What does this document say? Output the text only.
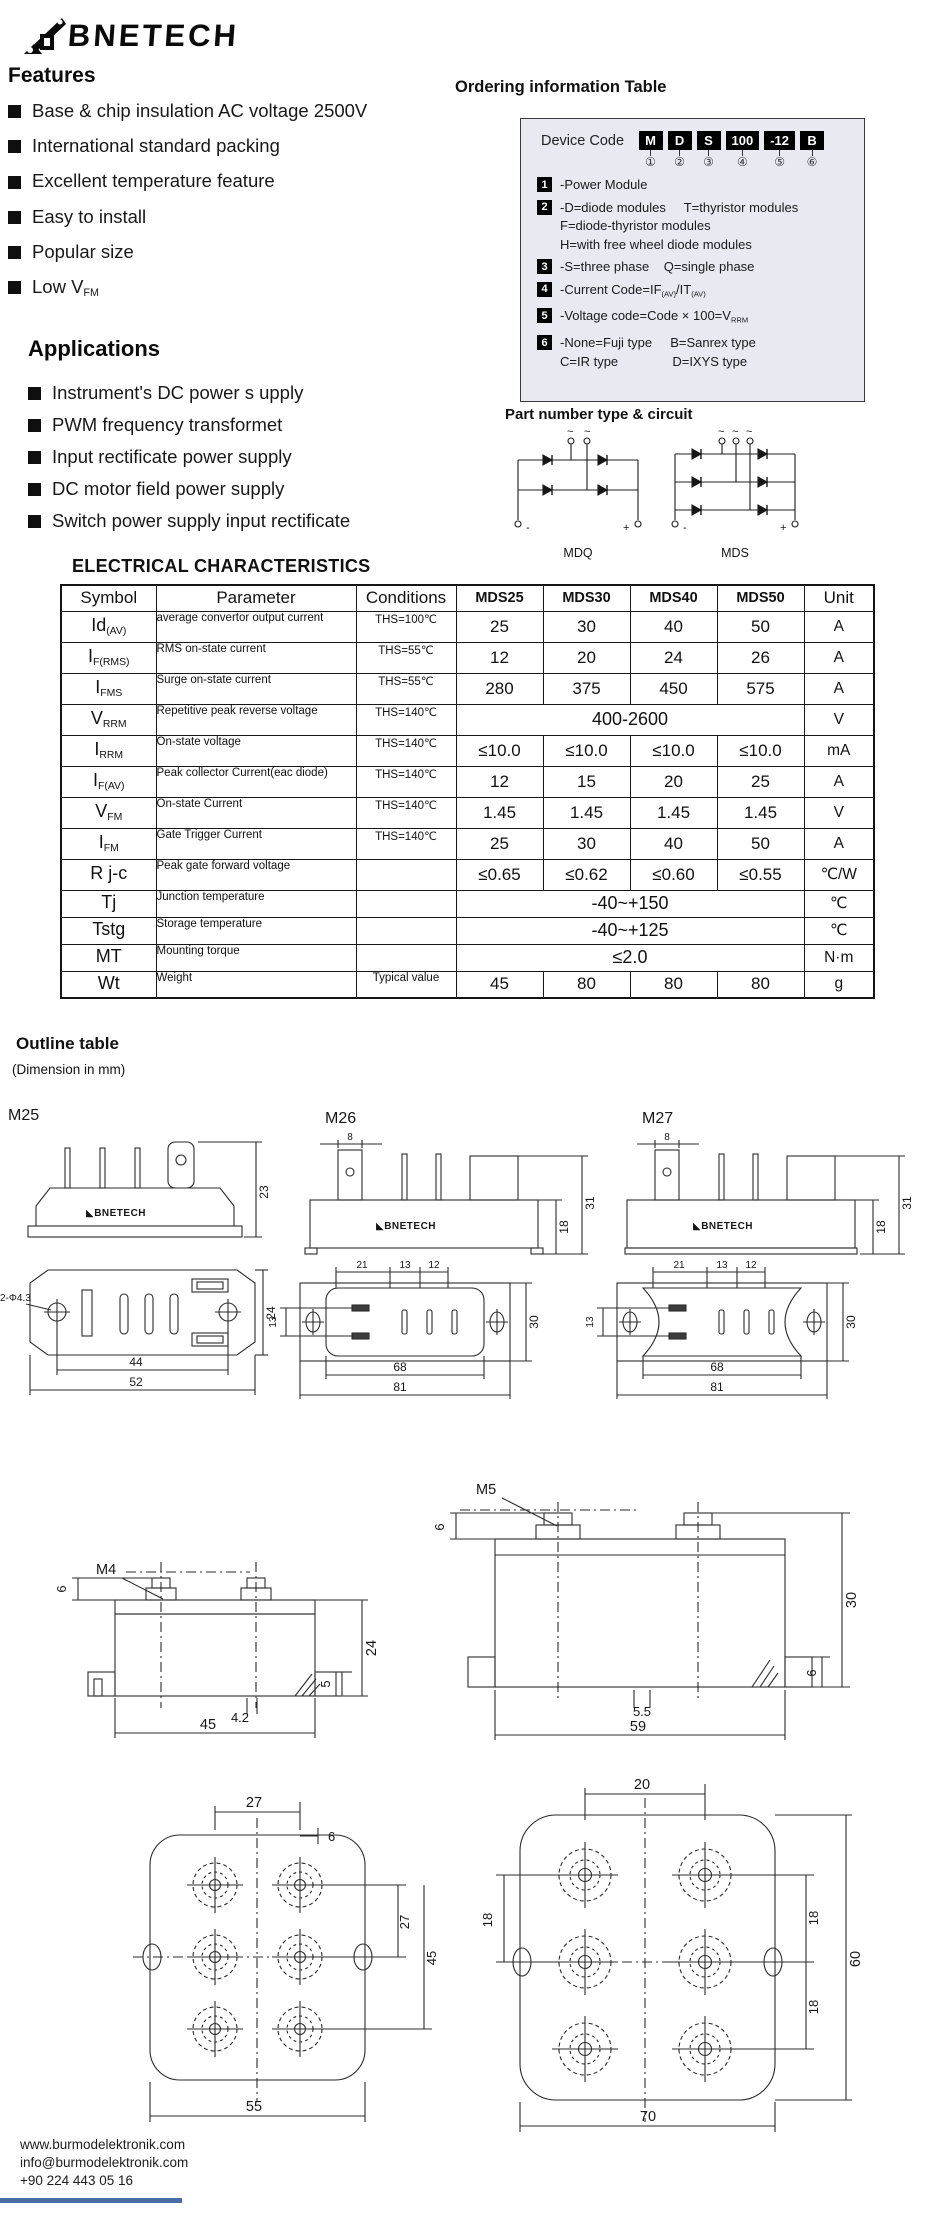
BNETECH
Features
Base & chip insulation AC voltage 2500V
International standard packing
Excellent temperature feature
Easy to install
Popular size
Low VFM
Applications
Instrument's DC power s upply
PWM frequency transformet
Input rectificate power supply
DC motor field power supply
Switch power supply input rectificate
Ordering information Table
Device Code	M
①
D
②
S
③
100
④
-12
⑤
B
⑥
1 -Power Module
2 -D=diode modules     T=thyristor modules
F=diode-thyristor modules
H=with free wheel diode modules
3 -S=three phase    Q=single phase
4 -Current Code=IF(AV)/IT(AV)
5 -Voltage code=Code × 100=VRRM
6 -None=Fuji type     B=Sanrex type
C=IR type               D=IXYS type
Part number type & circuit
~ ~
-	+
MDQ
~ ~ ~
-	+
MDS
ELECTRICAL CHARACTERISTICS
Symbol	Parameter	Conditions	MDS25	MDS30	MDS40	MDS50	Unit
Id(AV)	average convertor output current	THS=100℃	25	30	40	50	A
IF(RMS)	RMS on-state current	THS=55℃	12	20	24	26	A
IFMS	Surge on-state current	THS=55℃	280	375	450	575	A
VRRM	Repetitive peak reverse voltage	THS=140℃	400-2600				V
IRRM	On-state voltage	THS=140℃	≤10.0	≤10.0	≤10.0	≤10.0	mA
IF(AV)	Peak collector Current(eac diode)	THS=140℃	12	15	20	25	A
VFM	On-state Current	THS=140℃	1.45	1.45	1.45	1.45	V
IFM	Gate Trigger Current	THS=140℃	25	30	40	50	A
R j-c	Peak gate forward voltage		≤0.65	≤0.62	≤0.60	≤0.55	℃/W
Tj	Junction temperature		-40~+150				℃
Tstg	Storage temperature		-40~+125				℃
MT	Mounting torque		≤2.0				N·m
Wt	Weight	Typical value	45	80	80	80	g
Outline table
(Dimension in mm)
M25	M26	M27
◣BNETECH
23
2-Φ4.3
24
44
52
8
◣BNETECH	18
31
21	13 12
13	30
68
81
8
◣BNETECH	18
31
21	13 12
13	30
68
81
M4
6
24
5
4.2
45
M5
6
30
6
5.5
59
27
6
27
45
55
20
18	18
18
60
70

www.burmodelektronik.com

info@burmodelektronik.com

+90 224 443 05 16
